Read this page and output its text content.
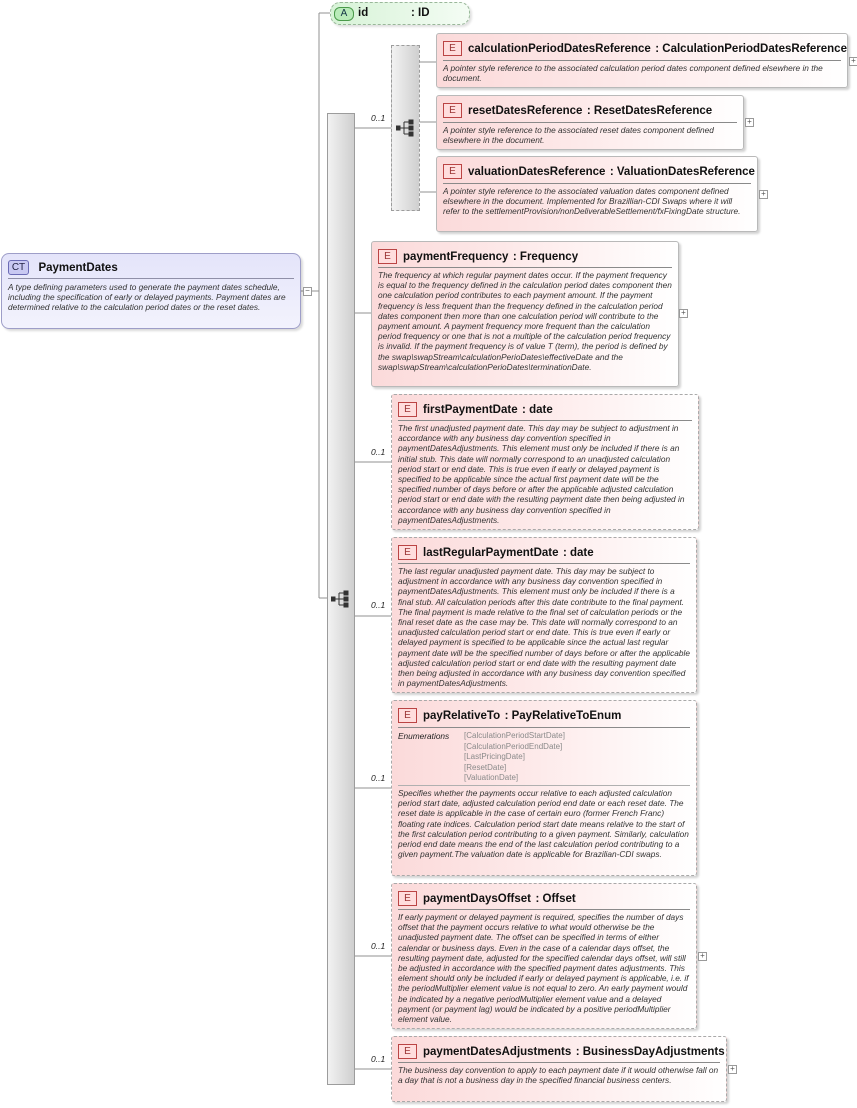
CT PaymentDates
A type defining parameters used to generate the payment dates schedule, including the specification of early or delayed payments. Payment dates are determined relative to the calculation period dates or the reset dates.
−
A id	: ID
0..1
E calculationPeriodDatesReference : CalculationPeriodDatesReference
A pointer style reference to the associated calculation period dates component defined elsewhere in the document.
+
E resetDatesReference : ResetDatesReference
A pointer style reference to the associated reset dates component defined elsewhere in the document.
+
E valuationDatesReference : ValuationDatesReference
A pointer style reference to the associated valuation dates component defined elsewhere in the document. Implemented for Brazillian-CDI Swaps where it will refer to the settlementProvision/nonDeliverableSettlement/fxFixingDate structure.
+
E paymentFrequency : Frequency
The frequency at which regular payment dates occur. If the payment frequency is equal to the frequency defined in the calculation period dates component then one calculation period contributes to each payment amount. If the payment frequency is less frequent than the frequency defined in the calculation period dates component then more than one calculation period will contribute to the payment amount. A payment frequency more frequent than the calculation period frequency or one that is not a multiple of the calculation period frequency is invalid. If the payment frequency is of value T (term), the period is defined by the swap\swapStream\calculationPerioDates\effectiveDate and the swap\swapStream\calculationPerioDates\terminationDate.
+
E firstPaymentDate : date
The first unadjusted payment date. This day may be subject to adjustment in accordance with any business day convention specified in paymentDatesAdjustments. This element must only be included if there is an initial stub. This date will normally correspond to an unadjusted calculation period start or end date. This is true even if early or delayed payment is specified to be applicable since the actual first payment date will be the specified number of days before or after the applicable adjusted calculation period start or end date with the resulting payment date then being adjusted in accordance with any business day convention specified in paymentDatesAdjustments.
0..1
E lastRegularPaymentDate : date
The last regular unadjusted payment date. This day may be subject to adjustment in accordance with any business day convention specified in paymentDatesAdjustments. This element must only be included if there is a final stub. All calculation periods after this date contribute to the final payment. The final payment is made relative to the final set of calculation periods or the final reset date as the case may be. This date will normally correspond to an unadjusted calculation period start or end date. This is true even if early or delayed payment is specified to be applicable since the actual last regular payment date will be the specified number of days before or after the applicable adjusted calculation period start or end date with the resulting payment date then being adjusted in accordance with any business day convention specified in paymentDatesAdjustments.
0..1
E payRelativeTo : PayRelativeToEnum
Enumerations [CalculationPeriodStartDate]
[CalculationPeriodEndDate]
[LastPricingDate]
[ResetDate]
[ValuationDate]
Specifies whether the payments occur relative to each adjusted calculation period start date, adjusted calculation period end date or each reset date. The reset date is applicable in the case of certain euro (former French Franc) floating rate indices. Calculation period start date means relative to the start of the first calculation period contributing to a given payment. Similarly, calculation period end date means the end of the last calculation period contributing to a given payment.The valuation date is applicable for Brazilian-CDI swaps.
0..1
E paymentDaysOffset : Offset
If early payment or delayed payment is required, specifies the number of days offset that the payment occurs relative to what would otherwise be the unadjusted payment date. The offset can be specified in terms of either calendar or business days. Even in the case of a calendar days offset, the resulting payment date, adjusted for the specified calendar days offset, will still be adjusted in accordance with the specified payment dates adjustments. This element should only be included if early or delayed payment is applicable, i.e. if the periodMultiplier element value is not equal to zero. An early payment would be indicated by a negative periodMultiplier element value and a delayed payment (or payment lag) would be indicated by a positive periodMultiplier element value.
+
0..1
E paymentDatesAdjustments : BusinessDayAdjustments
The business day convention to apply to each payment date if it would otherwise fall on a day that is not a business day in the specified financial business centers.
+
0..1
